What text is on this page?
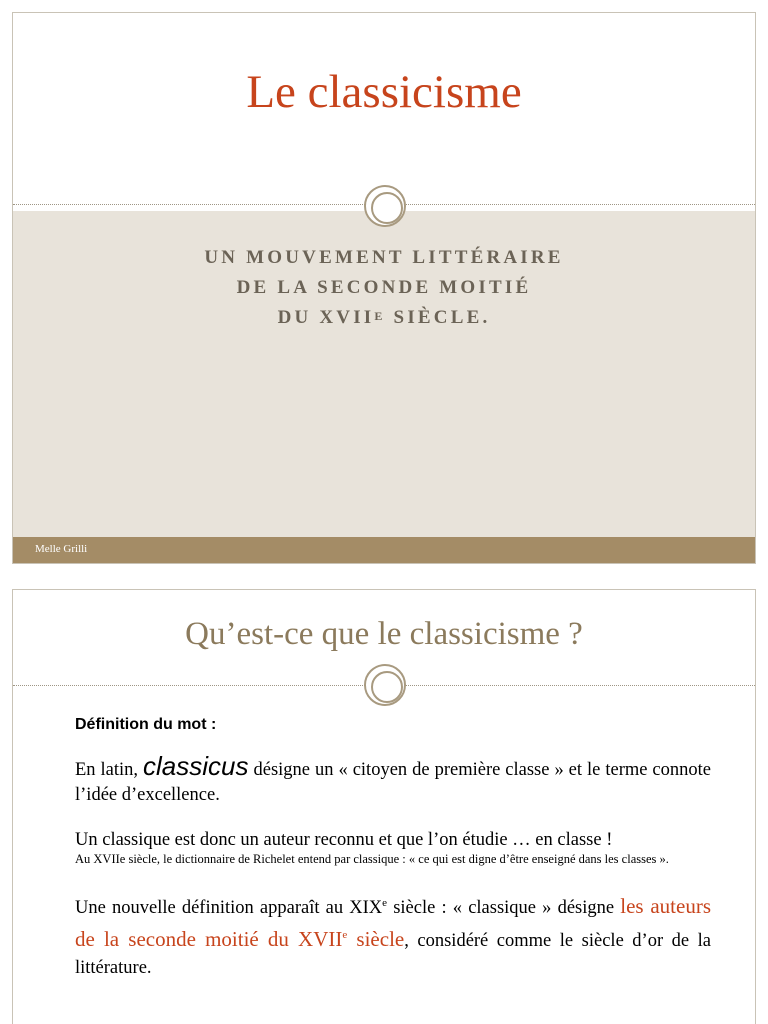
Le classicisme
UN MOUVEMENT LITTÉRAIRE
DE LA SECONDE MOITIÉ
DU $XVII^E$ SIÈCLE.
Melle Grilli
Qu’est-ce que le classicisme ?
Définition du mot :

En latin, classicus désigne un « citoyen de première classe » et le terme connote l’idée d’excellence.

Un classique est donc un auteur reconnu et que l’on étudie … en classe !

Au XVIIe siècle, le dictionnaire de Richelet entend par classique : « ce qui est digne d’être enseigné dans les classes ».

Une nouvelle définition apparaît au XIXe siècle : « classique » désigne les auteurs de la seconde moitié du XVIIe siècle, considéré comme le siècle d’or de la littérature.
